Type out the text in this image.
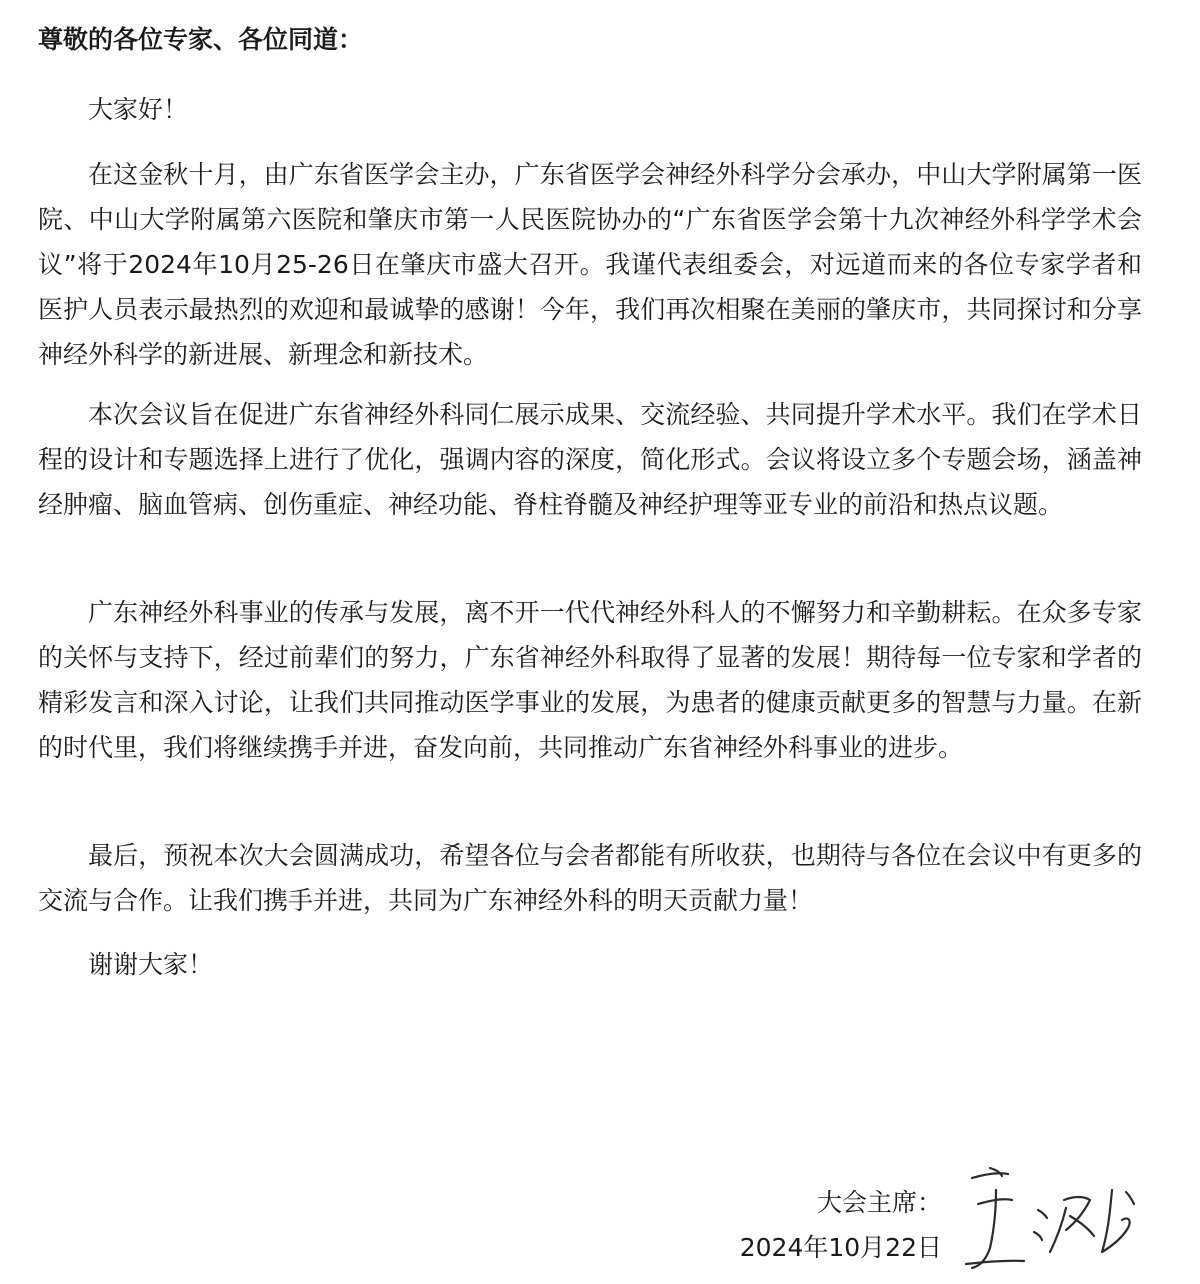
尊敬的各位专家、各位同道：

大家好！

在这金秋十月，由广东省医学会主办，广东省医学会神经外科学分会承办，中山大学附属第一医院、中山大学附属第六医院和肇庆市第一人民医院协办的“广东省医学会第十九次神经外科学学术会议”将于2024年10月25-26日在肇庆市盛大召开。我谨代表组委会，对远道而来的各位专家学者和医护人员表示最热烈的欢迎和最诚挚的感谢！今年，我们再次相聚在美丽的肇庆市，共同探讨和分享神经外科学的新进展、新理念和新技术。

本次会议旨在促进广东省神经外科同仁展示成果、交流经验、共同提升学术水平。我们在学术日程的设计和专题选择上进行了优化，强调内容的深度，简化形式。会议将设立多个专题会场，涵盖神经肿瘤、脑血管病、创伤重症、神经功能、脊柱脊髓及神经护理等亚专业的前沿和热点议题。

广东神经外科事业的传承与发展，离不开一代代神经外科人的不懈努力和辛勤耕耘。在众多专家的关怀与支持下，经过前辈们的努力，广东省神经外科取得了显著的发展！期待每一位专家和学者的精彩发言和深入讨论，让我们共同推动医学事业的发展，为患者的健康贡献更多的智慧与力量。在新的时代里，我们将继续携手并进，奋发向前，共同推动广东省神经外科事业的进步。

最后，预祝本次大会圆满成功，希望各位与会者都能有所收获，也期待与各位在会议中有更多的交流与合作。让我们携手并进，共同为广东神经外科的明天贡献力量！

谢谢大家！

大会主席：
2024年10月22日
